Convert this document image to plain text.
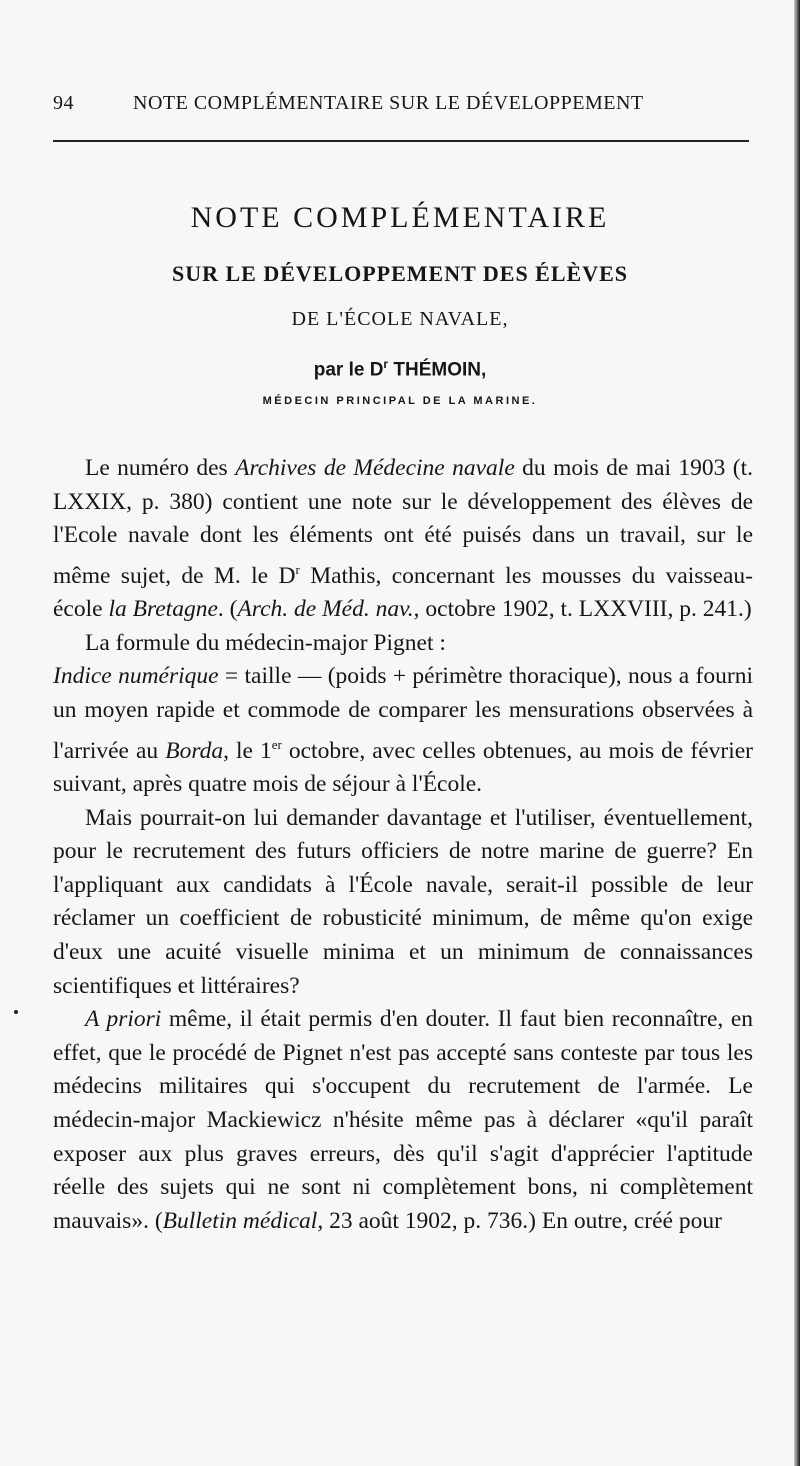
94	NOTE COMPLÉMENTAIRE SUR LE DÉVELOPPEMENT

NOTE COMPLÉMENTAIRE

SUR LE DÉVELOPPEMENT DES ÉLÈVES

DE L'ÉCOLE NAVALE,

par le $D^r$ THÉMOIN,

MÉDECIN PRINCIPAL DE LA MARINE.

Le numéro des Archives de Médecine navale du mois de mai 1903 (t. LXXIX, p. 380) contient une note sur le développement des élèves de l'Ecole navale dont les éléments ont été puisés dans un travail, sur le même sujet, de M. le $D^r$ Mathis, concernant les mousses du vaisseau-école la Bretagne. (Arch. de Méd. nav., octobre 1902, t. LXXVIII, p. 241.)

La formule du médecin-major Pignet :

Indice numérique = taille — (poids + périmètre thoracique), nous a fourni un moyen rapide et commode de comparer les mensurations observées à l'arrivée au Borda, le 1er octobre, avec celles obtenues, au mois de février suivant, après quatre mois de séjour à l'École.

Mais pourrait-on lui demander davantage et l'utiliser, éventuellement, pour le recrutement des futurs officiers de notre marine de guerre? En l'appliquant aux candidats à l'École navale, serait-il possible de leur réclamer un coefficient de robusticité minimum, de même qu'on exige d'eux une acuité visuelle minima et un minimum de connaissances scientifiques et littéraires?

A priori même, il était permis d'en douter. Il faut bien reconnaître, en effet, que le procédé de Pignet n'est pas accepté sans conteste par tous les médecins militaires qui s'occupent du recrutement de l'armée. Le médecin-major Mackiewicz n'hésite même pas à déclarer «qu'il paraît exposer aux plus graves erreurs, dès qu'il s'agit d'apprécier l'aptitude réelle des sujets qui ne sont ni complètement bons, ni complètement mauvais». (Bulletin médical, 23 août 1902, p. 736.) En outre, créé pour
